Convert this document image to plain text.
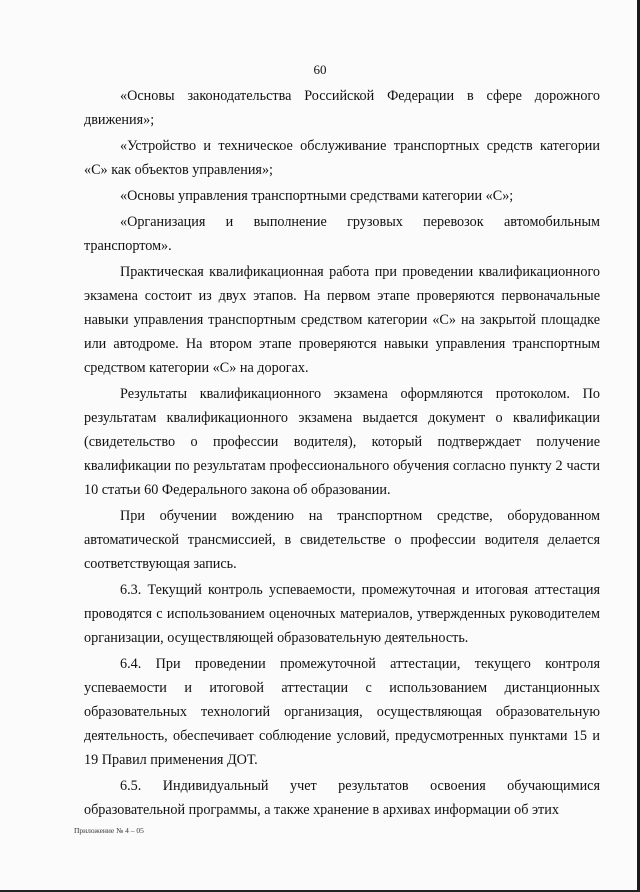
60

«Основы законодательства Российской Федерации в сфере дорожного движения»;

«Устройство и техническое обслуживание транспортных средств категории «С» как объектов управления»;

«Основы управления транспортными средствами категории «С»;

«Организация и выполнение грузовых перевозок автомобильным транспортом».

Практическая квалификационная работа при проведении квалификационного экзамена состоит из двух этапов. На первом этапе проверяются первоначальные навыки управления транспортным средством категории «С» на закрытой площадке или автодроме. На втором этапе проверяются навыки управления транспортным средством категории «С» на дорогах.

Результаты квалификационного экзамена оформляются протоколом. По результатам квалификационного экзамена выдается документ о квалификации (свидетельство о профессии водителя), который подтверждает получение квалификации по результатам профессионального обучения согласно пункту 2 части 10 статьи 60 Федерального закона об образовании.

При обучении вождению на транспортном средстве, оборудованном автоматической трансмиссией, в свидетельстве о профессии водителя делается соответствующая запись.

6.3. Текущий контроль успеваемости, промежуточная и итоговая аттестация проводятся с использованием оценочных материалов, утвержденных руководителем организации, осуществляющей образовательную деятельность.

6.4. При проведении промежуточной аттестации, текущего контроля успеваемости и итоговой аттестации с использованием дистанционных образовательных технологий организация, осуществляющая образовательную деятельность, обеспечивает соблюдение условий, предусмотренных пунктами 15 и 19 Правил применения ДОТ.

6.5. Индивидуальный учет результатов освоения обучающимися образовательной программы, а также хранение в архивах информации об этих

Приложение № 4 – 05
